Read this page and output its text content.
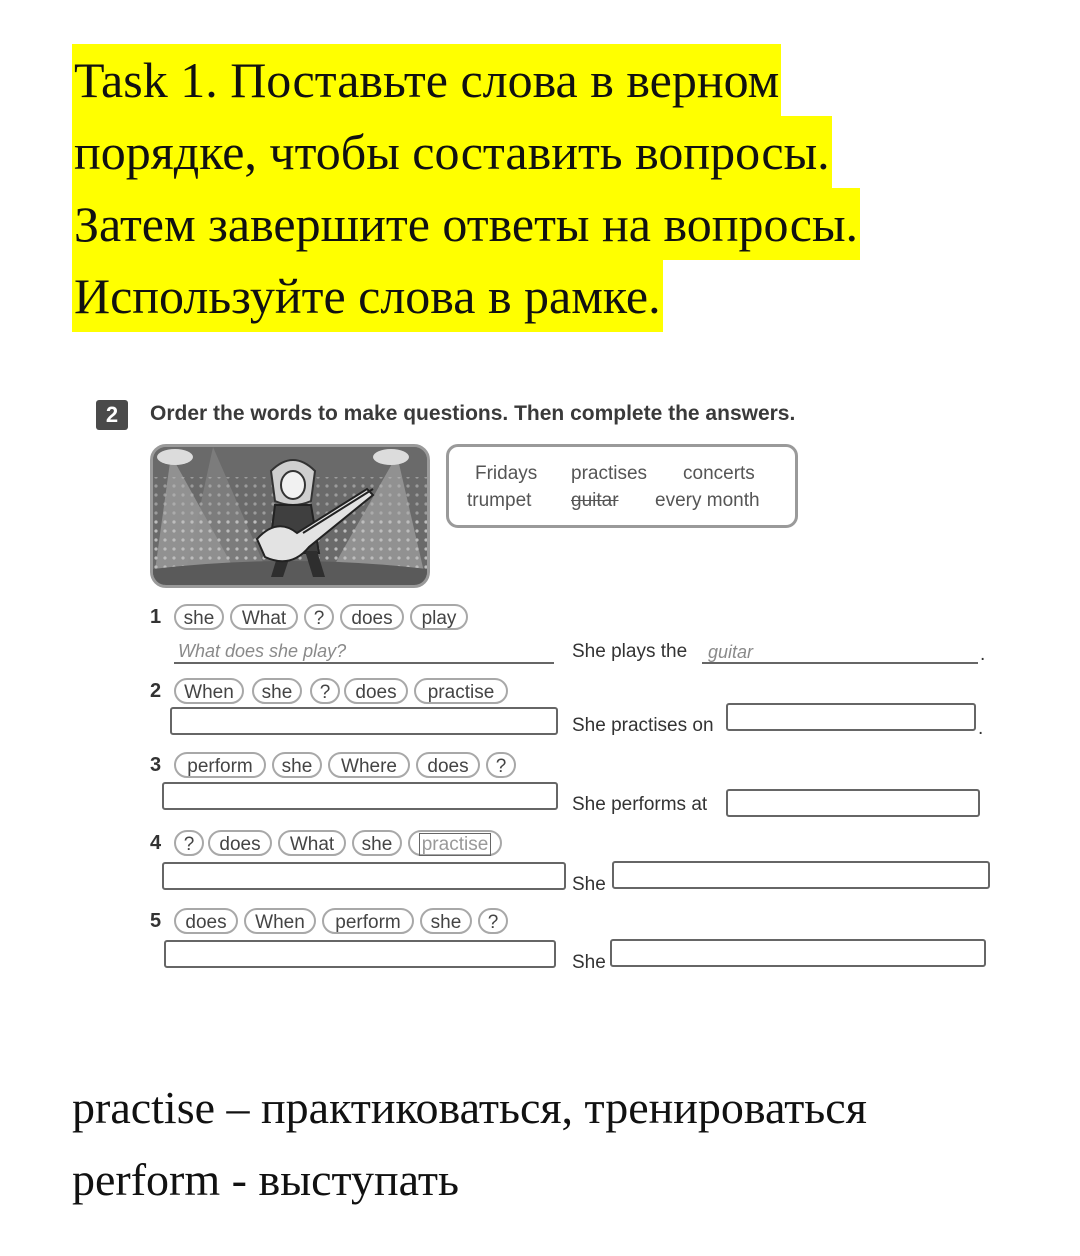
Task 1. Поставьте слова в верном
порядке, чтобы составить вопросы.
Затем завершите ответы на вопросы.
Используйте слова в рамке.
2	Order the words to make questions. Then complete the answers.
Fridays practises concerts
trumpet guitar every month
1	she	What	?	does	play
What does she play?	She plays the guitar	.
2	When	she	?	does	practise
She practises on	.
3	perform	she	Where	does	?
She performs at
4	?	does	What	she	practise
She
5	does	When	perform	she	?
She
practise – практиковаться, тренироваться
perform - выступать
